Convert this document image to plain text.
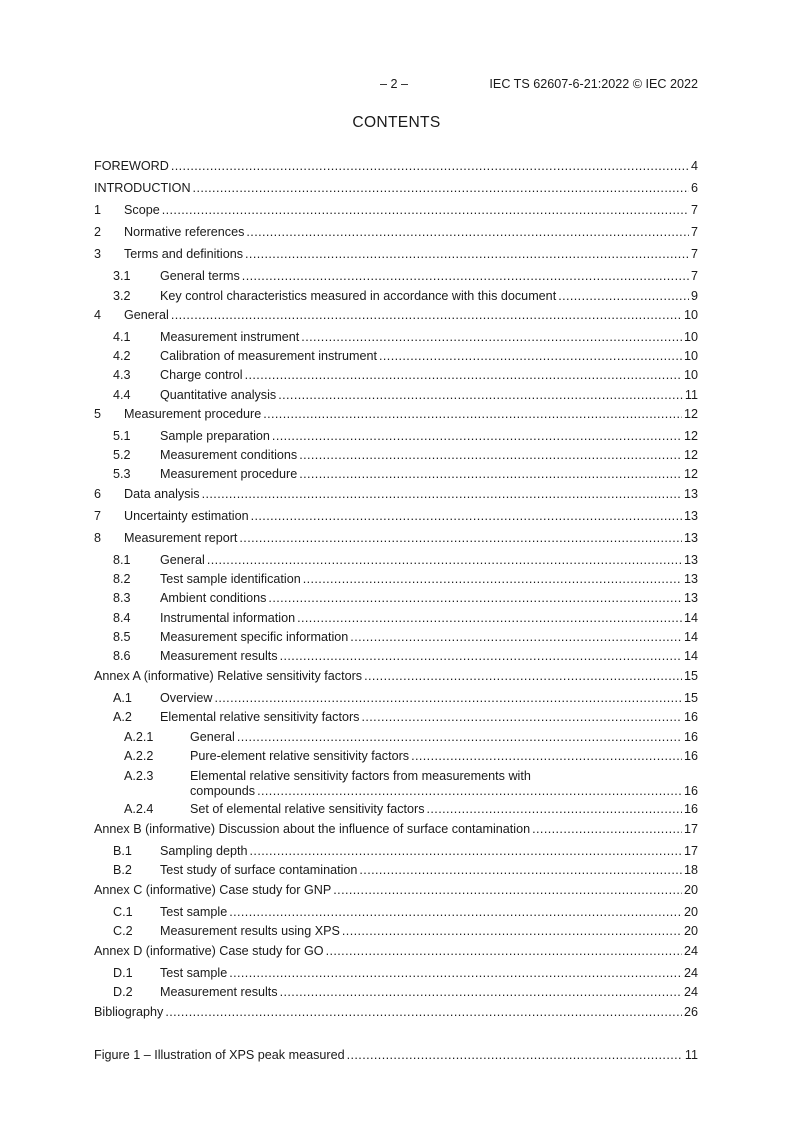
– 2 –	IEC TS 62607-6-21:2022 © IEC 2022
CONTENTS
FOREWORD .....	4
INTRODUCTION .....	6
1	Scope .....	7
2	Normative references .....	7
3	Terms and definitions .....	7
3.1	General terms .....	7
3.2	Key control characteristics measured in accordance with this document .....	9
4	General .....	10
4.1	Measurement instrument .....	10
4.2	Calibration of measurement instrument .....	10
4.3	Charge control .....	10
4.4	Quantitative analysis .....	11
5	Measurement procedure .....	12
5.1	Sample preparation .....	12
5.2	Measurement conditions .....	12
5.3	Measurement procedure .....	12
6	Data analysis .....	13
7	Uncertainty estimation .....	13
8	Measurement report .....	13
8.1	General .....	13
8.2	Test sample identification .....	13
8.3	Ambient conditions .....	13
8.4	Instrumental information .....	14
8.5	Measurement specific information .....	14
8.6	Measurement results .....	14
Annex A (informative) Relative sensitivity factors .....	15
A.1	Overview .....	15
A.2	Elemental relative sensitivity factors .....	16
A.2.1	General .....	16
A.2.2	Pure-element relative sensitivity factors .....	16
A.2.3	Elemental relative sensitivity factors from measurements with
compounds .....	16
A.2.4	Set of elemental relative sensitivity factors .....	16
Annex B (informative) Discussion about the influence of surface contamination .....	17
B.1	Sampling depth .....	17
B.2	Test study of surface contamination .....	18
Annex C (informative) Case study for GNP .....	20
C.1	Test sample .....	20
C.2	Measurement results using XPS .....	20
Annex D (informative) Case study for GO .....	24
D.1	Test sample .....	24
D.2	Measurement results .....	24
Bibliography .....	26
Figure 1 – Illustration of XPS peak measured .....	11
